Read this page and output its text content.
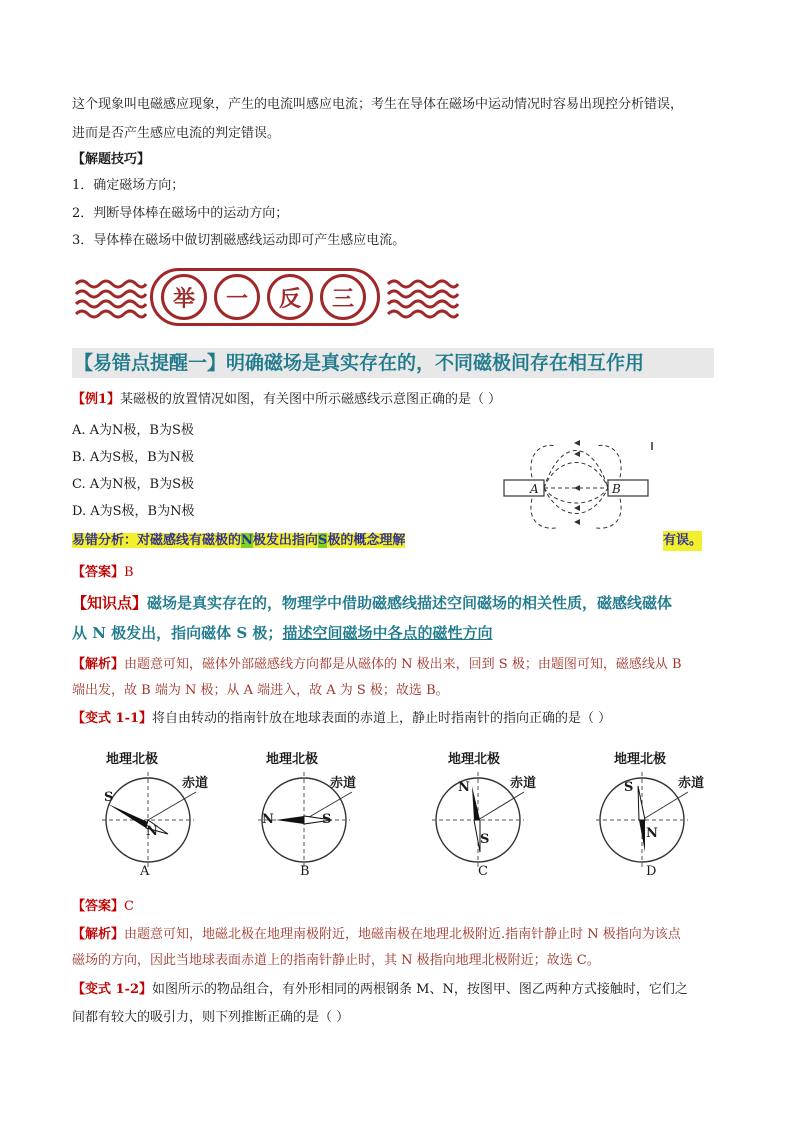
这个现象叫电磁感应现象，产生的电流叫感应电流；考生在导体在磁场中运动情况时容易出现控分析错误，
进而是否产生感应电流的判定错误。
【解题技巧】
1．确定磁场方向；
2．判断导体棒在磁场中的运动方向；
3．导体棒在磁场中做切割磁感线运动即可产生感应电流。
举	一	反	三
【易错点提醒一】明确磁场是真实存在的，不同磁极间存在相互作用
【例1】某磁极的放置情况如图，有关图中所示磁感线示意图正确的是（ ）
A. A为N极，B为S极
B. A为S极，B为N极
C. A为N极，B为S极
D. A为S极，B为N极
A	B
易错分析：对磁感线有磁极的N极发出指向S极的概念理解	有误。
【答案】B
【知识点】磁场是真实存在的，物理学中借助磁感线描述空间磁场的相关性质，磁感线磁体
从 N 极发出，指向磁体 S 极；描述空间磁场中各点的磁性方向
【解析】由题意可知，磁体外部磁感线方向都是从磁体的 N 极出来，回到 S 极；由题图可知，磁感线从 B
端出发，故 B 端为 N 极；从 A 端进入，故 A 为 S 极；故选 B。
【变式 1-1】将自由转动的指南针放在地球表面的赤道上，静止时指南针的指向正确的是（ ）
地理北极
赤道
S
N
A
地理北极
赤道
N	S
B
地理北极
赤道
N
S
C
地理北极
赤道
S
N
D
【答案】C
【解析】由题意可知，地磁北极在地理南极附近，地磁南极在地理北极附近.指南针静止时 N 极指向为该点
磁场的方向，因此当地球表面赤道上的指南针静止时，其 N 极指向地理北极附近；故选 C。
【变式 1-2】如图所示的物品组合，有外形相同的两根钢条 M、N，按图甲、图乙两种方式接触时，它们之
间都有较大的吸引力，则下列推断正确的是（ ）
